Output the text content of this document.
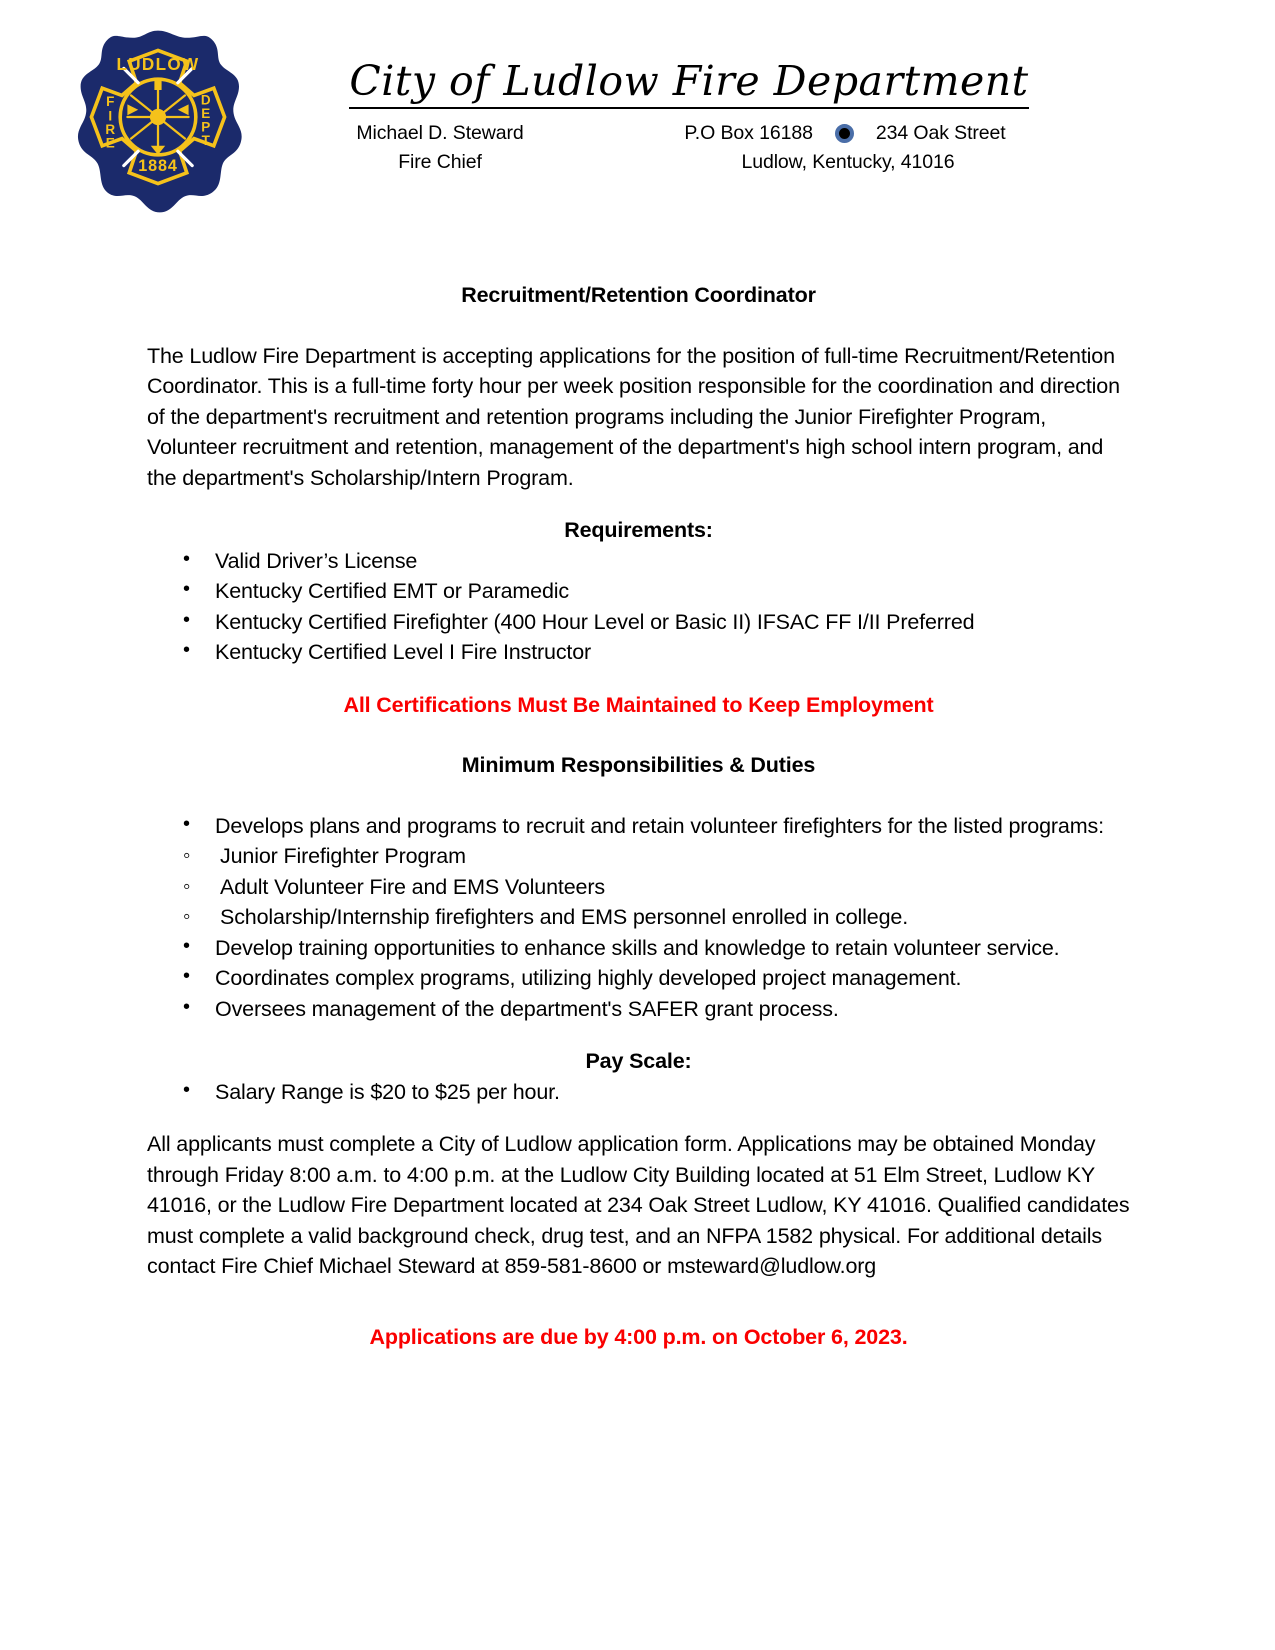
LUDLOW
F
I
R
E
D
E
P
T
1884
City of Ludlow Fire Department
Michael D. Steward
Fire Chief
P.O Box 16188	234 Oak Street
Ludlow, Kentucky, 41016
Recruitment/Retention Coordinator

The Ludlow Fire Department is accepting applications for the position of full-time Recruitment/Retention Coordinator. This is a full-time forty hour per week position responsible for the coordination and direction of the department's recruitment and retention programs including the Junior Firefighter Program, Volunteer recruitment and retention, management of the department's high school intern program, and the department's Scholarship/Intern Program.

Requirements:
• Valid Driver’s License
• Kentucky Certified EMT or Paramedic
• Kentucky Certified Firefighter (400 Hour Level or Basic II) IFSAC FF I/II Preferred
• Kentucky Certified Level I Fire Instructor
All Certifications Must Be Maintained to Keep Employment
Minimum Responsibilities & Duties
• Develops plans and programs to recruit and retain volunteer firefighters for the listed programs:
◦ Junior Firefighter Program
◦ Adult Volunteer Fire and EMS Volunteers
◦ Scholarship/Internship firefighters and EMS personnel enrolled in college.
• Develop training opportunities to enhance skills and knowledge to retain volunteer service.
• Coordinates complex programs, utilizing highly developed project management.
• Oversees management of the department's SAFER grant process.
Pay Scale:
• Salary Range is $20 to $25 per hour.

All applicants must complete a City of Ludlow application form. Applications may be obtained Monday through Friday 8:00 a.m. to 4:00 p.m. at the Ludlow City Building located at 51 Elm Street, Ludlow KY 41016, or the Ludlow Fire Department located at 234 Oak Street Ludlow, KY 41016. Qualified candidates must complete a valid background check, drug test, and an NFPA 1582 physical. For additional details contact Fire Chief Michael Steward at 859-581-8600 or msteward@ludlow.org

Applications are due by 4:00 p.m. on October 6, 2023.
